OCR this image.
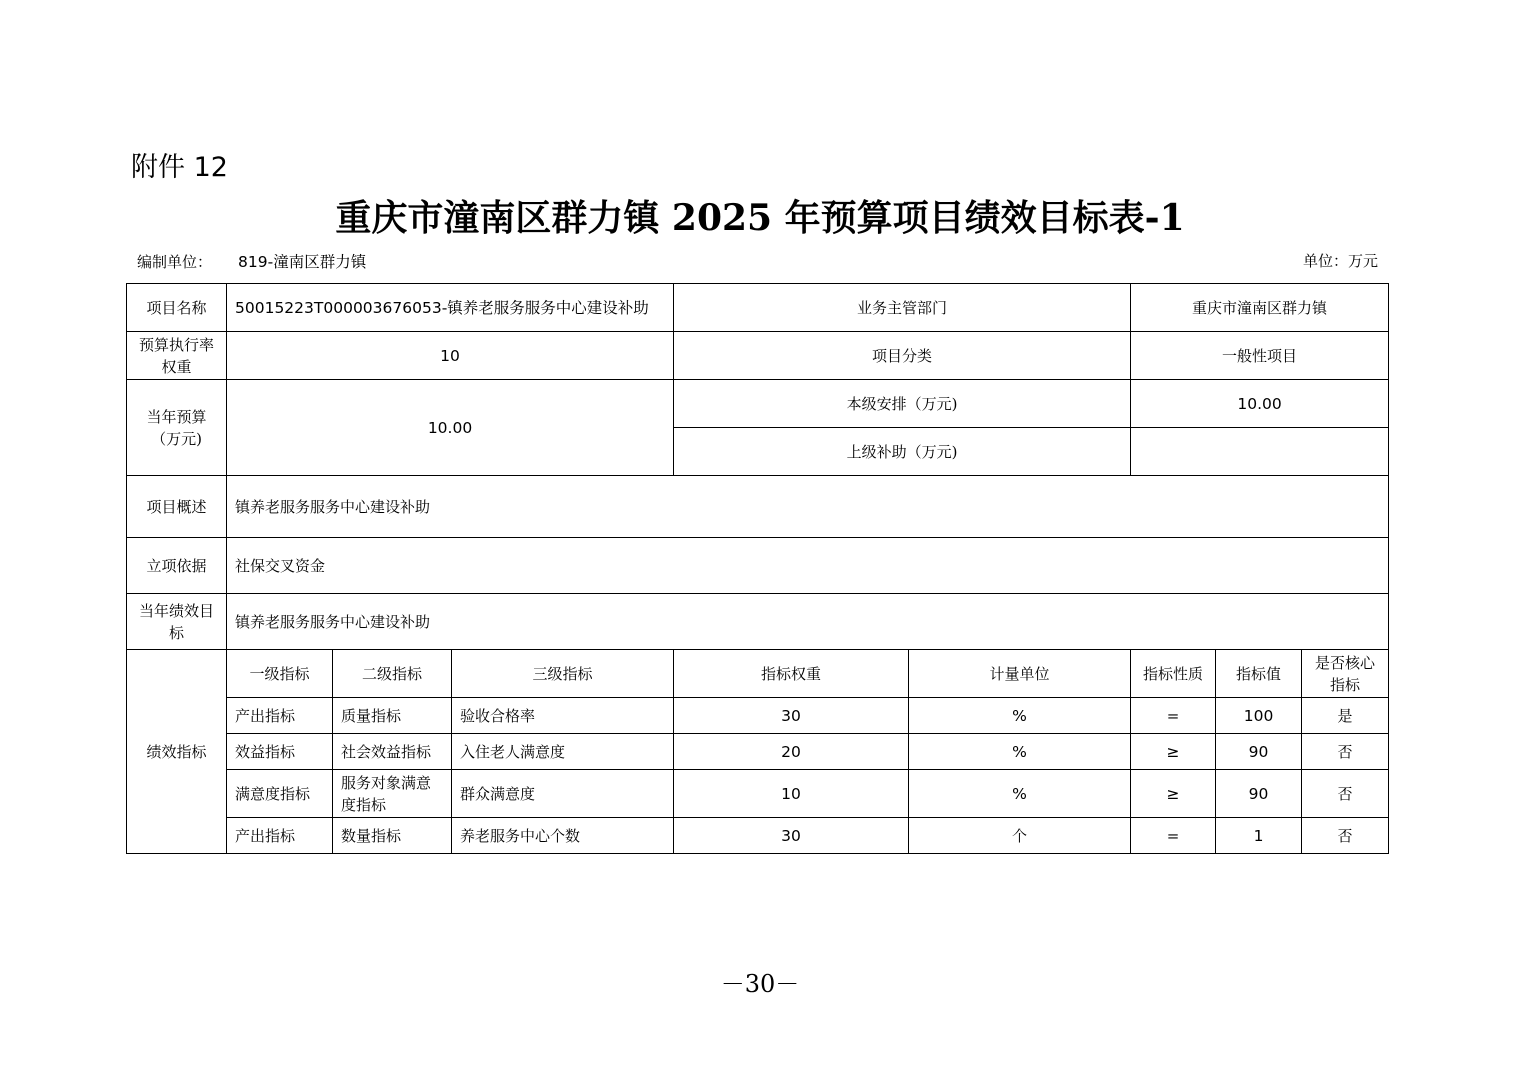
附件 12
重庆市潼南区群力镇 2025 年预算项目绩效目标表-1
编制单位： 819-潼南区群力镇	单位：万元
项目名称	50015223T000003676053-镇养老服务服务中心建设补助			业务主管部门		重庆市潼南区群力镇		
预算执行率权重	10			项目分类		一般性项目		
当年预算（万元)	10.00			本级安排（万元)		10.00		
				上级补助（万元)				
项目概述	镇养老服务服务中心建设补助							
立项依据	社保交叉资金							
当年绩效目标	镇养老服务服务中心建设补助							
绩效指标	一级指标	二级指标	三级指标	指标权重	计量单位	指标性质	指标值	是否核心指标
	产出指标	质量指标	验收合格率	30	%	=	100	是
	效益指标	社会效益指标	入住老人满意度	20	%	≥	90	否
	满意度指标	服务对象满意度指标	群众满意度	10	%	≥	90	否
	产出指标	数量指标	养老服务中心个数	30	个	=	1	否
－30－
